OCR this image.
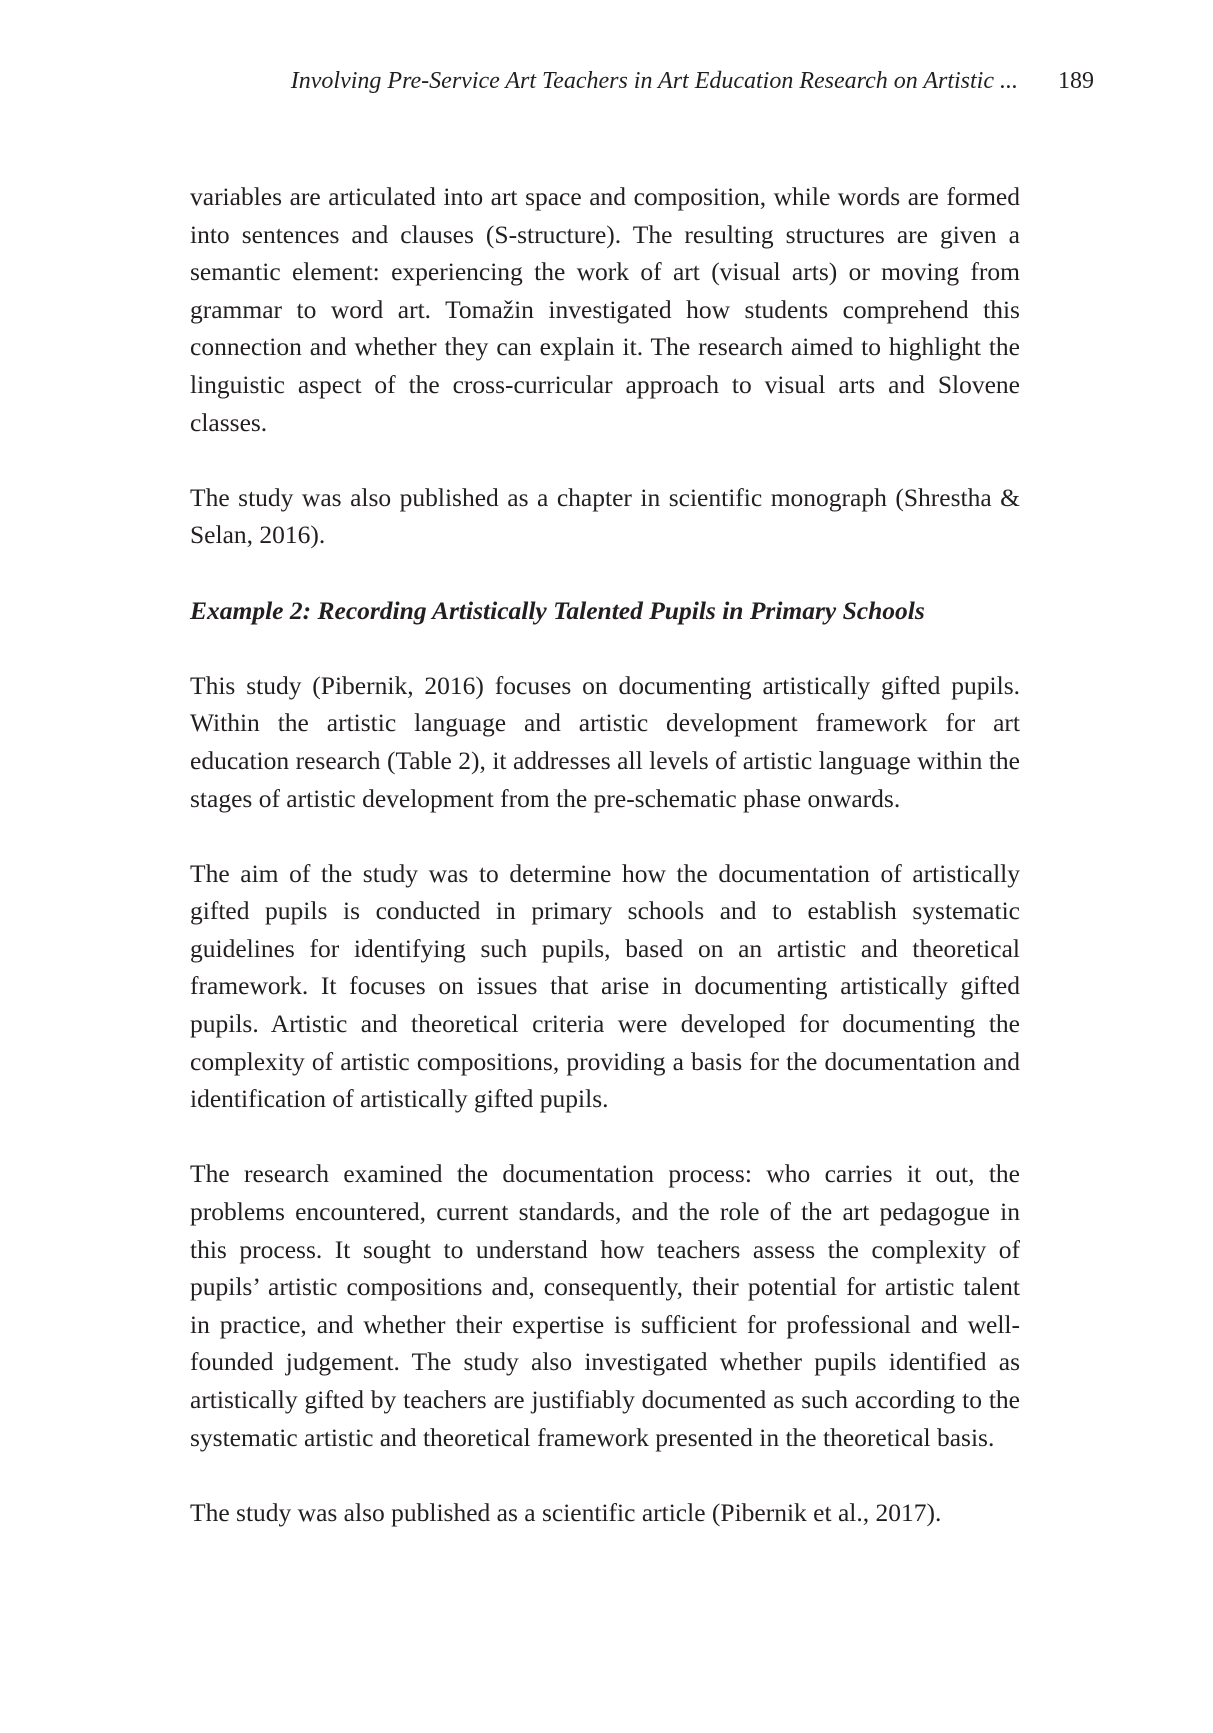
Involving Pre-Service Art Teachers in Art Education Research on Artistic ... 189

variables are articulated into art space and composition, while words are formed into sentences and clauses (S-structure). The resulting structures are given a semantic element: experiencing the work of art (visual arts) or moving from grammar to word art. Tomažin investigated how students comprehend this connection and whether they can explain it. The research aimed to highlight the linguistic aspect of the cross-curricular approach to visual arts and Slovene classes.

The study was also published as a chapter in scientific monograph (Shrestha & Selan, 2016).

Example 2: Recording Artistically Talented Pupils in Primary Schools

This study (Pibernik, 2016) focuses on documenting artistically gifted pupils. Within the artistic language and artistic development framework for art education research (Table 2), it addresses all levels of artistic language within the stages of artistic development from the pre-schematic phase onwards.

The aim of the study was to determine how the documentation of artistically gifted pupils is conducted in primary schools and to establish systematic guidelines for identifying such pupils, based on an artistic and theoretical framework. It focuses on issues that arise in documenting artistically gifted pupils. Artistic and theoretical criteria were developed for documenting the complexity of artistic compositions, providing a basis for the documentation and identification of artistically gifted pupils.

The research examined the documentation process: who carries it out, the problems encountered, current standards, and the role of the art pedagogue in this process. It sought to understand how teachers assess the complexity of pupils’ artistic compositions and, consequently, their potential for artistic talent in practice, and whether their expertise is sufficient for professional and well-founded judgement. The study also investigated whether pupils identified as artistically gifted by teachers are justifiably documented as such according to the systematic artistic and theoretical framework presented in the theoretical basis.

The study was also published as a scientific article (Pibernik et al., 2017).
